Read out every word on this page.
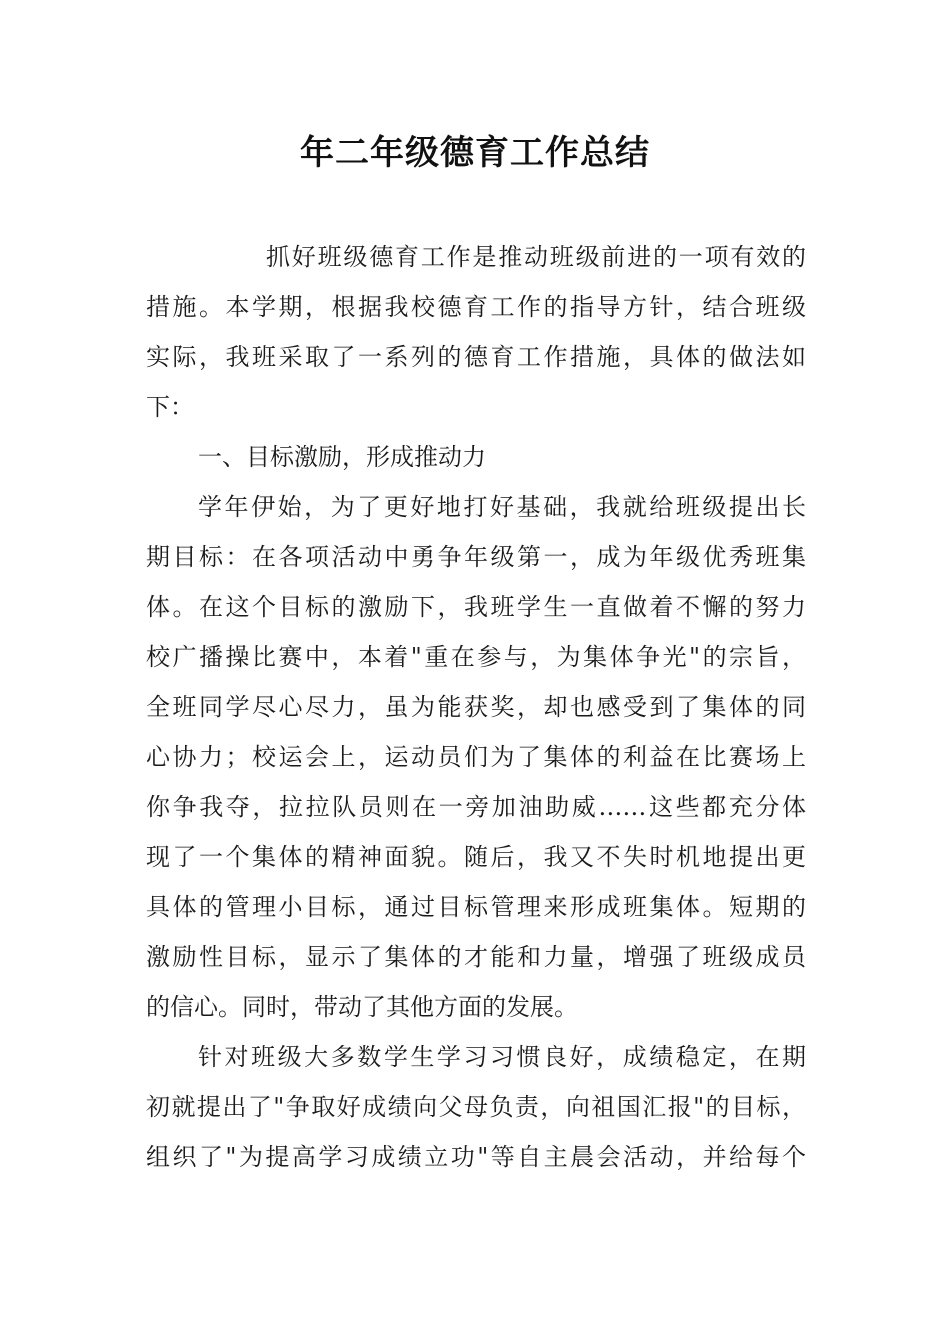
年二年级德育工作总结
抓好班级德育工作是推动班级前进的一项有效的
措施。本学期，根据我校德育工作的指导方针，结合班级
实际，我班采取了一系列的德育工作措施，具体的做法如
下：
一、目标激励，形成推动力
学年伊始，为了更好地打好基础，我就给班级提出长
期目标：在各项活动中勇争年级第一，成为年级优秀班集
体。在这个目标的激励下，我班学生一直做着不懈的努力
校广播操比赛中，本着"重在参与，为集体争光"的宗旨，
全班同学尽心尽力，虽为能获奖，却也感受到了集体的同
心协力；校运会上，运动员们为了集体的利益在比赛场上
你争我夺，拉拉队员则在一旁加油助威……这些都充分体
现了一个集体的精神面貌。随后，我又不失时机地提出更
具体的管理小目标，通过目标管理来形成班集体。短期的
激励性目标，显示了集体的才能和力量，增强了班级成员
的信心。同时，带动了其他方面的发展。
针对班级大多数学生学习习惯良好，成绩稳定，在期
初就提出了"争取好成绩向父母负责，向祖国汇报"的目标，
组织了"为提高学习成绩立功"等自主晨会活动，并给每个
